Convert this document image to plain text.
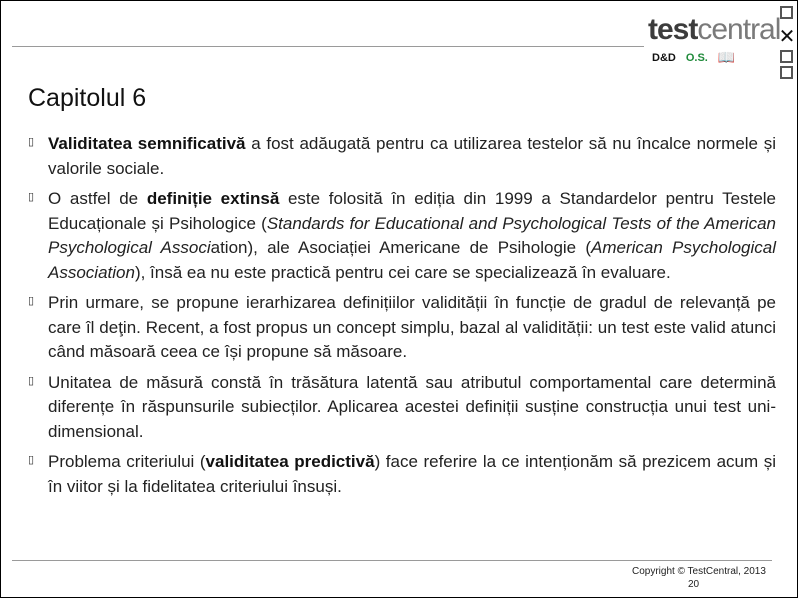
✕
testcentral
D&D O.S. 📖
Capitolul 6
▯ Validitatea semnificativă a fost adăugată pentru ca utilizarea testelor să nu încalce normele și valorile sociale.
▯ O astfel de definiție extinsă este folosită în ediția din 1999 a Standardelor pentru Testele Educaționale și Psihologice (Standards for Educational and Psychological Tests of the American Psychological Association), ale Asociației Americane de Psihologie (American Psychological Association), însă ea nu este practică pentru cei care se specializează în evaluare.
▯ Prin urmare, se propune ierarhizarea definițiilor validității în funcție de gradul de relevanță pe care îl deţin. Recent, a fost propus un concept simplu, bazal al validității: un test este valid atunci când măsoară ceea ce își propune să măsoare.
▯ Unitatea de măsură constă în trăsătura latentă sau atributul comportamental care determină diferențe în răspunsurile subiecților. Aplicarea acestei definiții susține construcția unui test uni-dimensional.
▯ Problema criteriului (validitatea predictivă) face referire la ce intenționăm să prezicem acum și în viitor și la fidelitatea criteriului însuși.
Copyright © TestCentral, 2013
20
